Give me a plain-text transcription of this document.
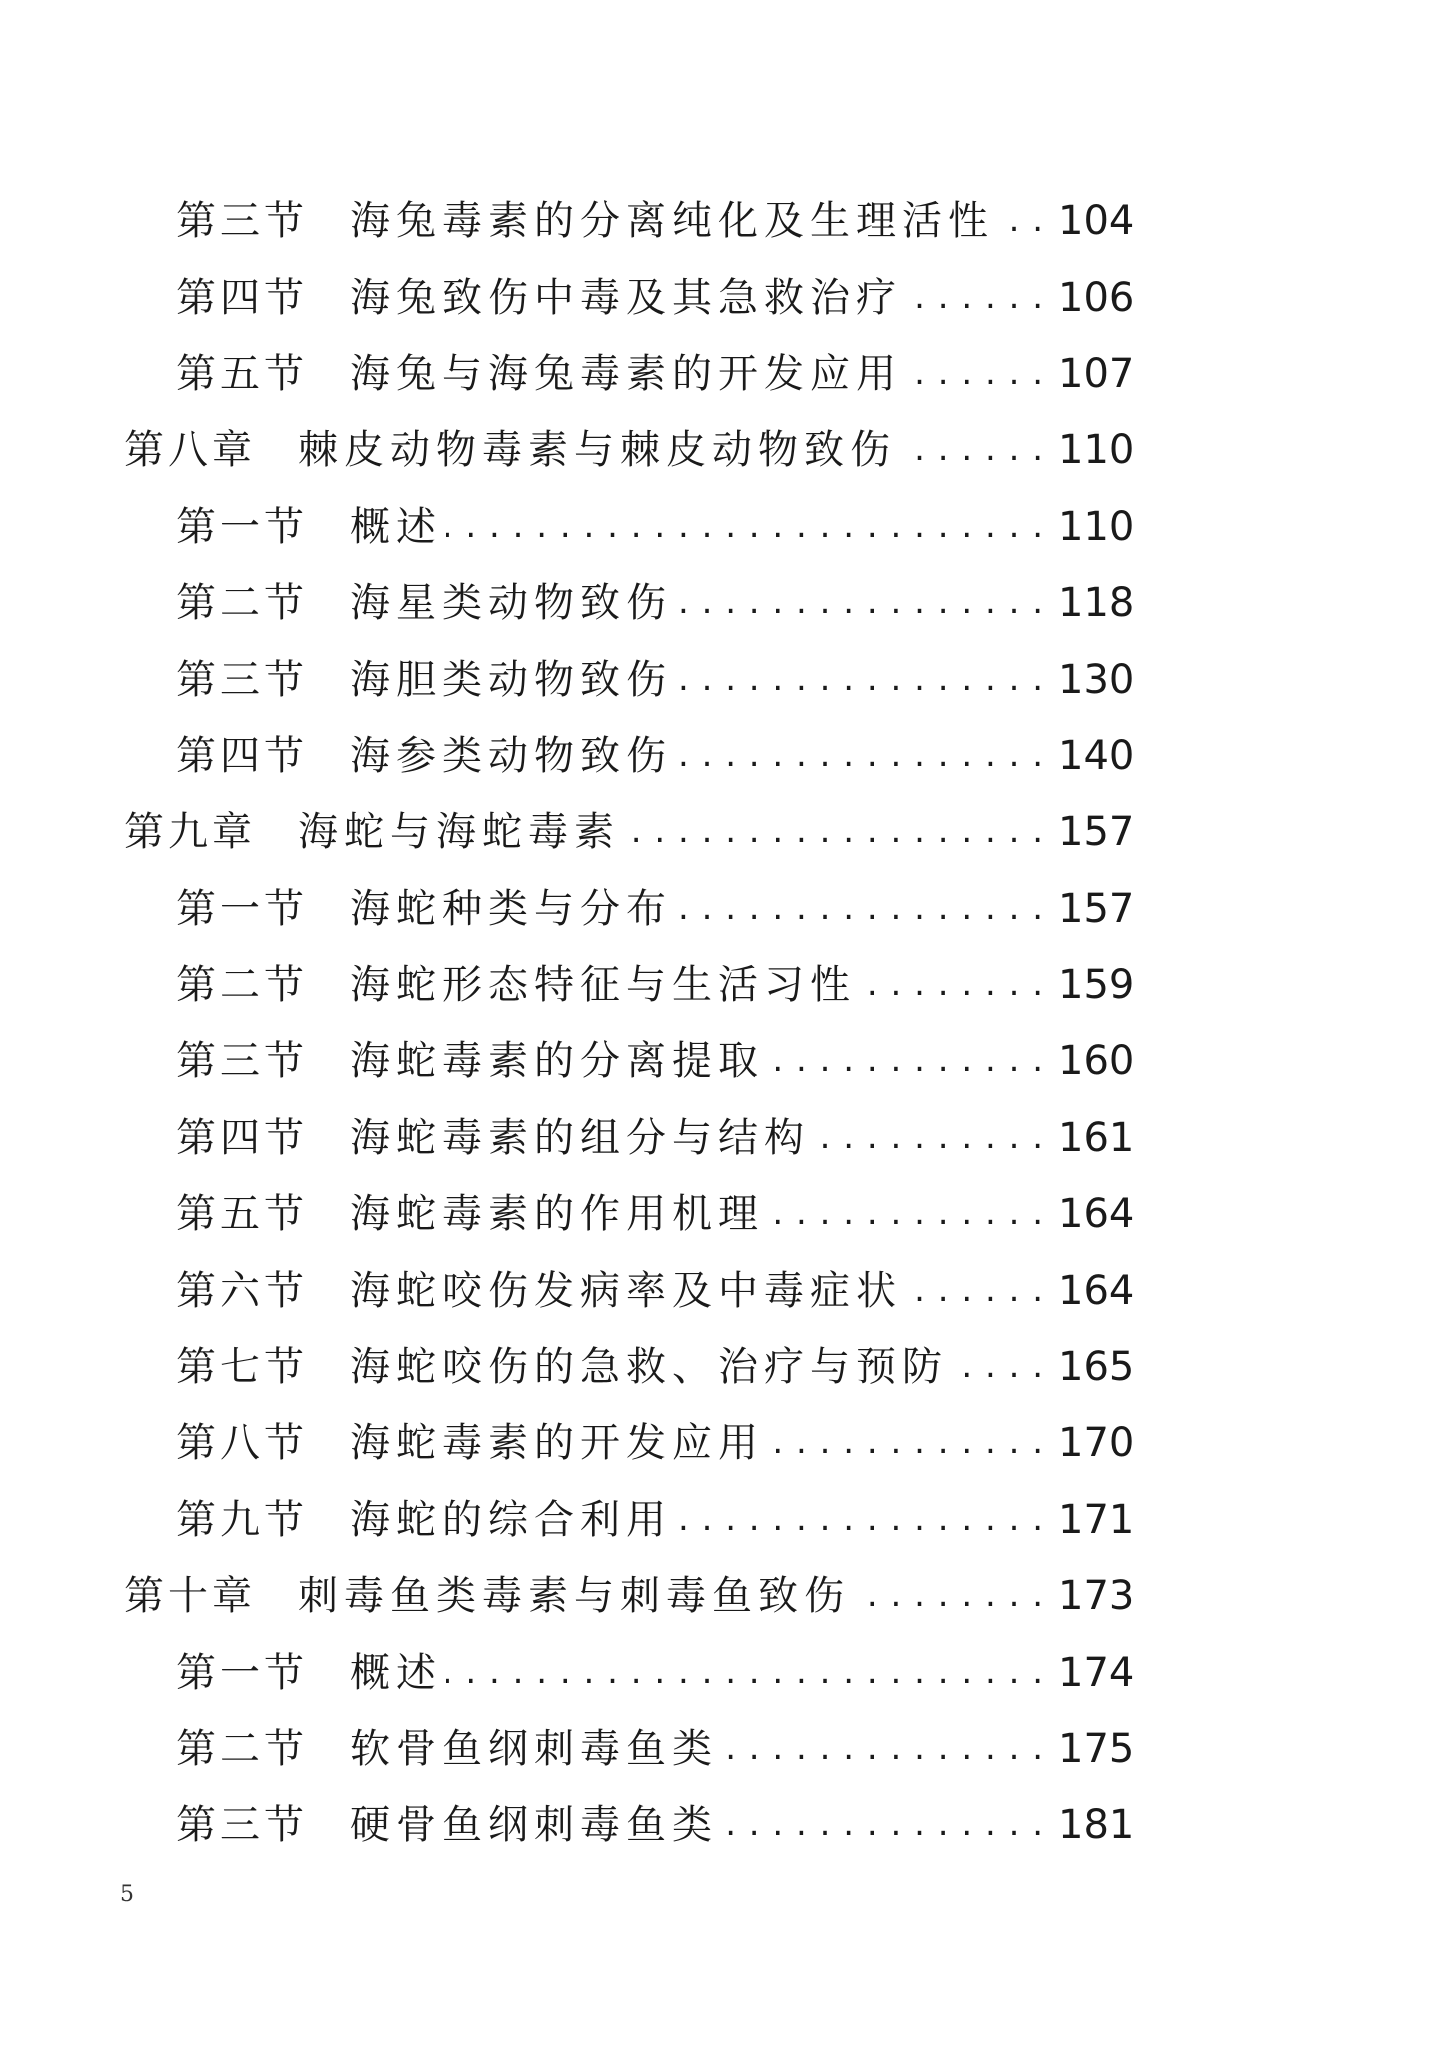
第三节	海兔毒素的分离纯化及生理活性 . . . 104
第四节	海兔致伤中毒及其急救治疗 . . .	106
第五节	海兔与海兔毒素的开发应用 . . .	107
第八章	棘皮动物毒素与棘皮动物致伤 . . .	110
第一节	概述 . . .	110
第二节	海星类动物致伤 . . .	118
第三节	海胆类动物致伤 . . .	130
第四节	海参类动物致伤 . . .	140
第九章	海蛇与海蛇毒素 . . .	157
第一节	海蛇种类与分布 . . .	157
第二节	海蛇形态特征与生活习性 . . .	159
第三节	海蛇毒素的分离提取 . . .	160
第四节	海蛇毒素的组分与结构 . . .	161
第五节	海蛇毒素的作用机理 . . .	164
第六节	海蛇咬伤发病率及中毒症状 . . .	164
第七节	海蛇咬伤的急救、治疗与预防 . . .	165
第八节	海蛇毒素的开发应用 . . .	170
第九节	海蛇的综合利用 . . .	171
第十章	刺毒鱼类毒素与刺毒鱼致伤 . . .	173
第一节	概述 . . .	174
第二节	软骨鱼纲刺毒鱼类 . . .	175
第三节	硬骨鱼纲刺毒鱼类 . . .	181
5
